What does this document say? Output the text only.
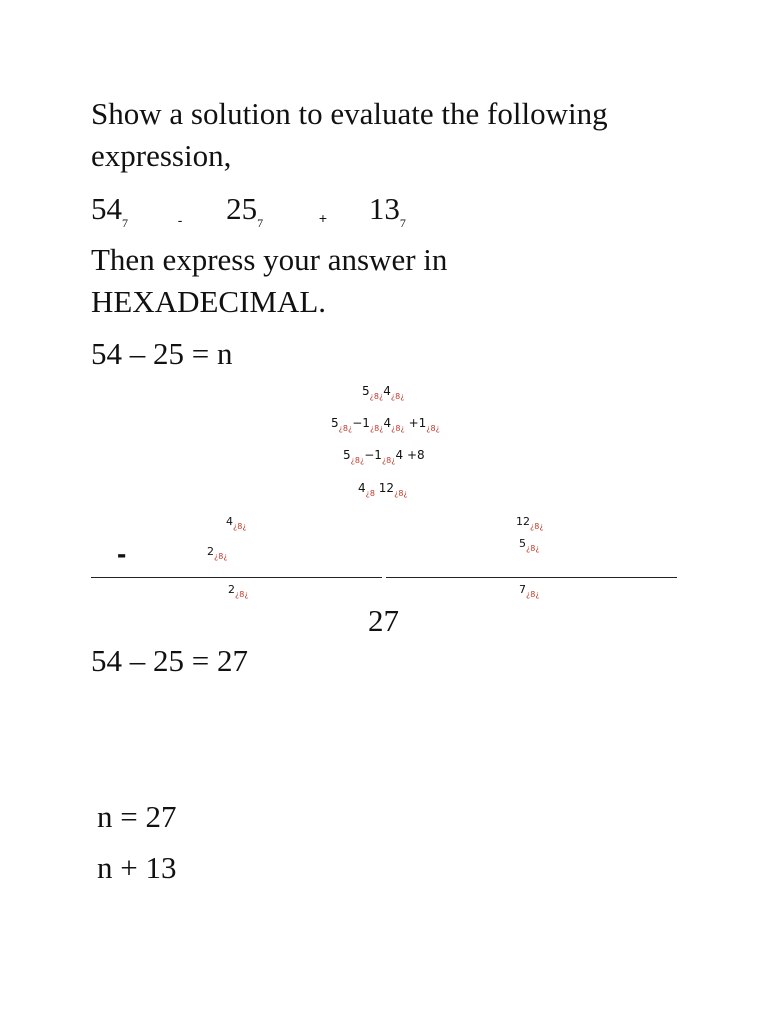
Show a solution to evaluate the following
expression,
$54_7$	- $25_7$	+ $13_7$
Then express your answer in
HEXADECIMAL.
54 – 25 = n
$5_{¿8¿}4_{¿8¿}$
$5_{¿8¿}-1_{¿8¿}4_{¿8¿} +1_{¿8¿}$
$5_{¿8¿}-1_{¿8¿}4 +8$
$4_{¿8}$ $12_{¿8¿}$
$4_{¿8¿}$	$12_{¿8¿}$
$5_{¿8¿}$
$2_{¿8¿}$
-
$2_{¿8¿}$	$7_{¿8¿}$
27
54 – 25 = 27
n = 27
n + 13
